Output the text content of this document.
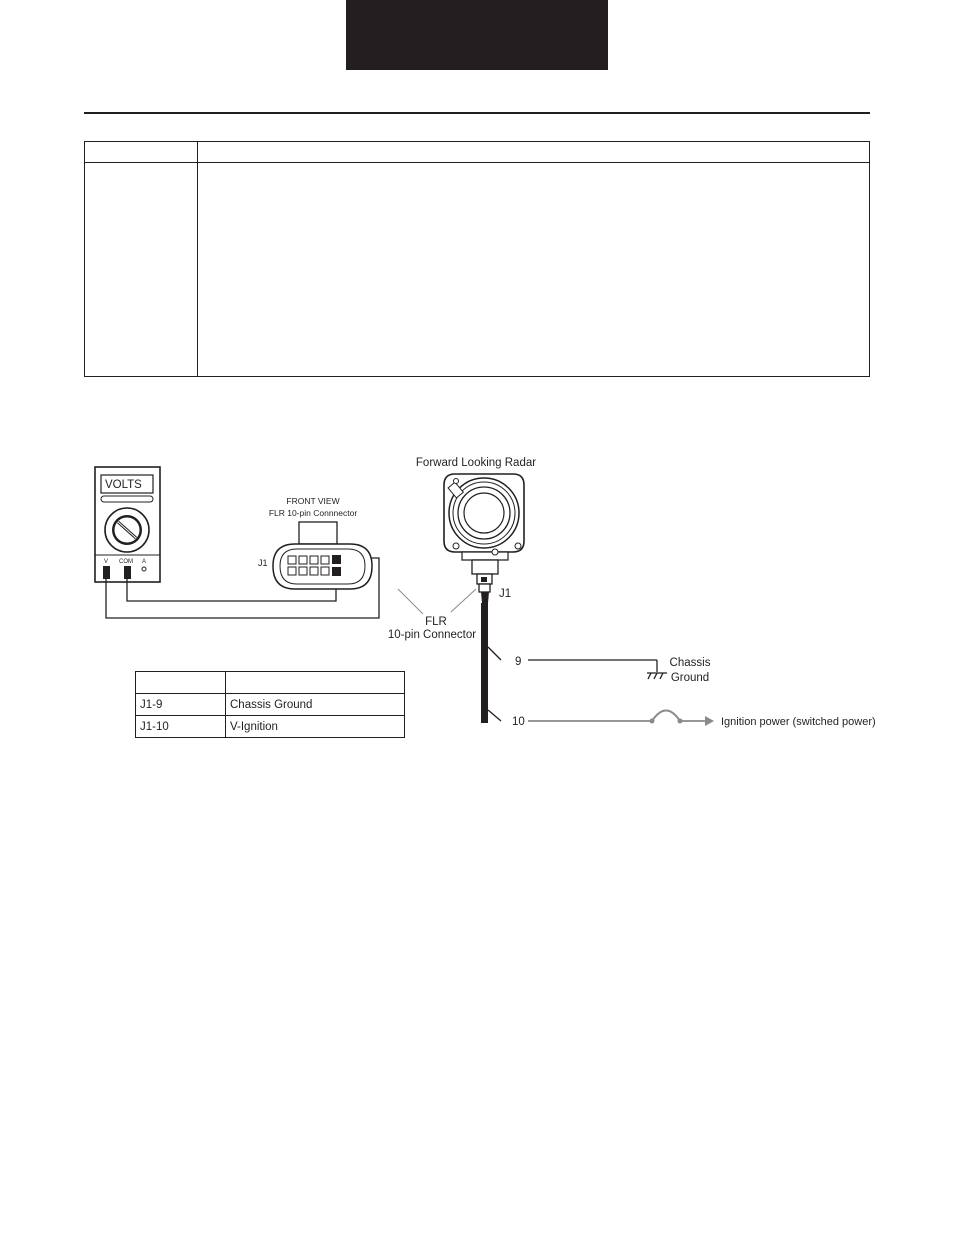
VOLTS
V COM A
FRONT VIEW
FLR 10-pin Connnector
J1
FLR
10-pin Connector
Forward Looking Radar
J1
9	Chassis
Ground
10	Ignition power (switched power)

J1-9	Chassis Ground
J1-10	V-Ignition
